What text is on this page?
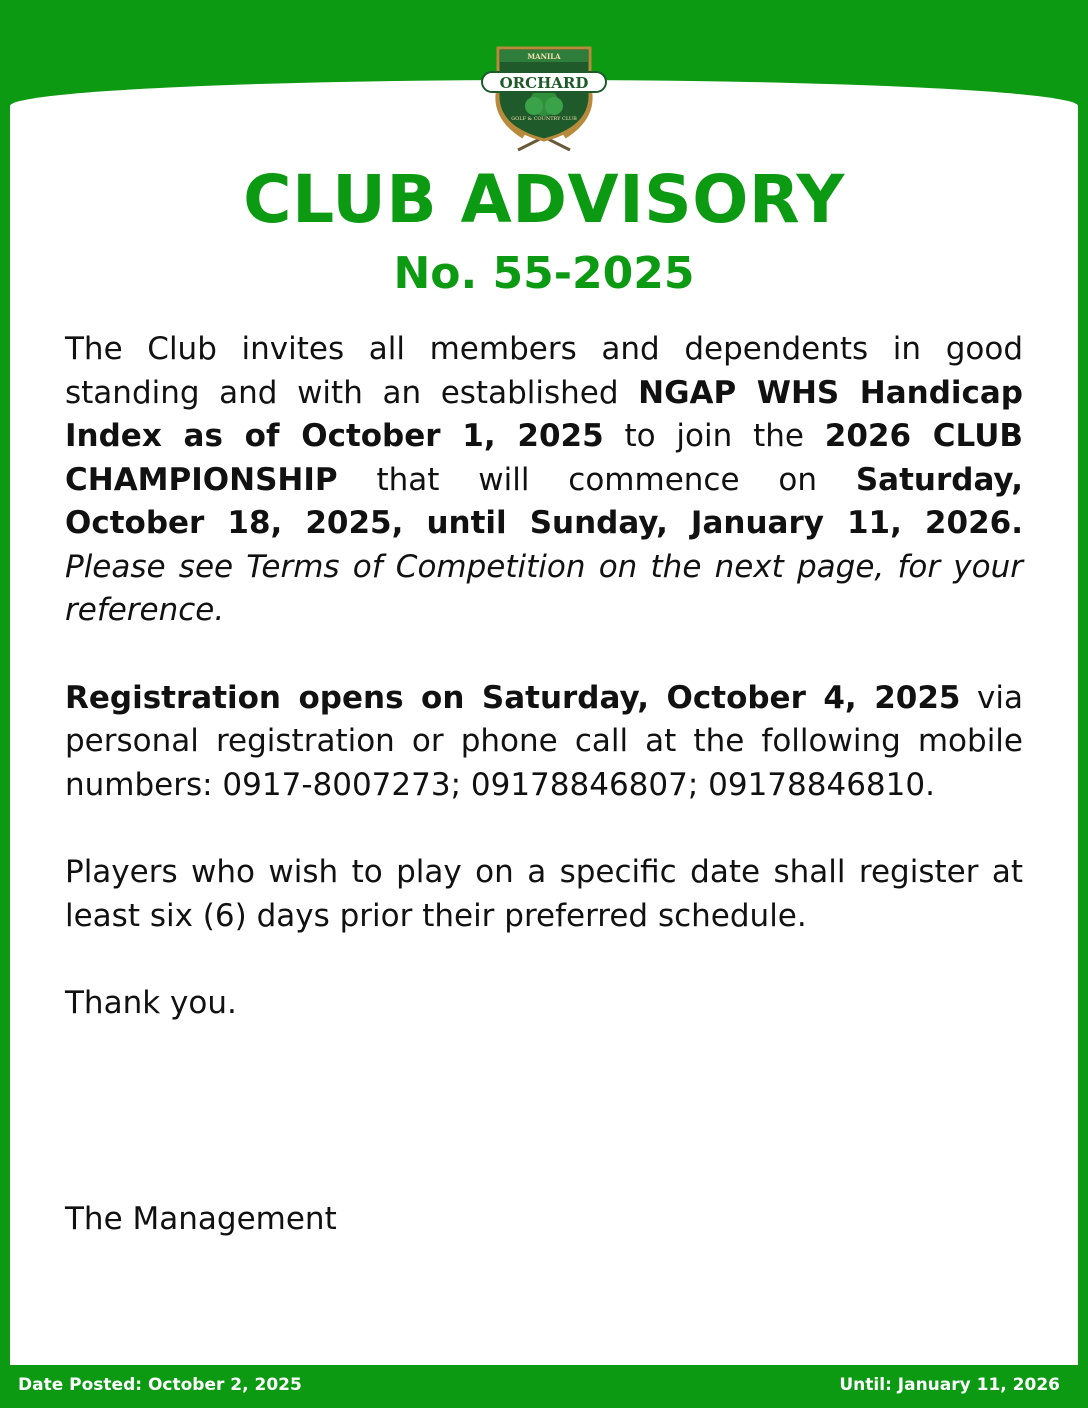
MANILA
THE
ORCHARD
GOLF & COUNTRY CLUB
CLUB ADVISORY
No. 55-2025

The Club invites all members and dependents in good standing and with an established NGAP WHS Handicap Index as of October 1, 2025 to join the 2026 CLUB CHAMPIONSHIP that will commence on Saturday, October 18, 2025, until Sunday, January 11, 2026. Please see Terms of Competition on the next page, for your reference.

Registration opens on Saturday, October 4, 2025 via personal registration or phone call at the following mobile numbers: 0917-8007273; 09178846807; 09178846810.

Players who wish to play on a specific date shall register at least six (6) days prior their preferred schedule.

Thank you.

The Management
Date Posted: October 2, 2025	Until: January 11, 2026
